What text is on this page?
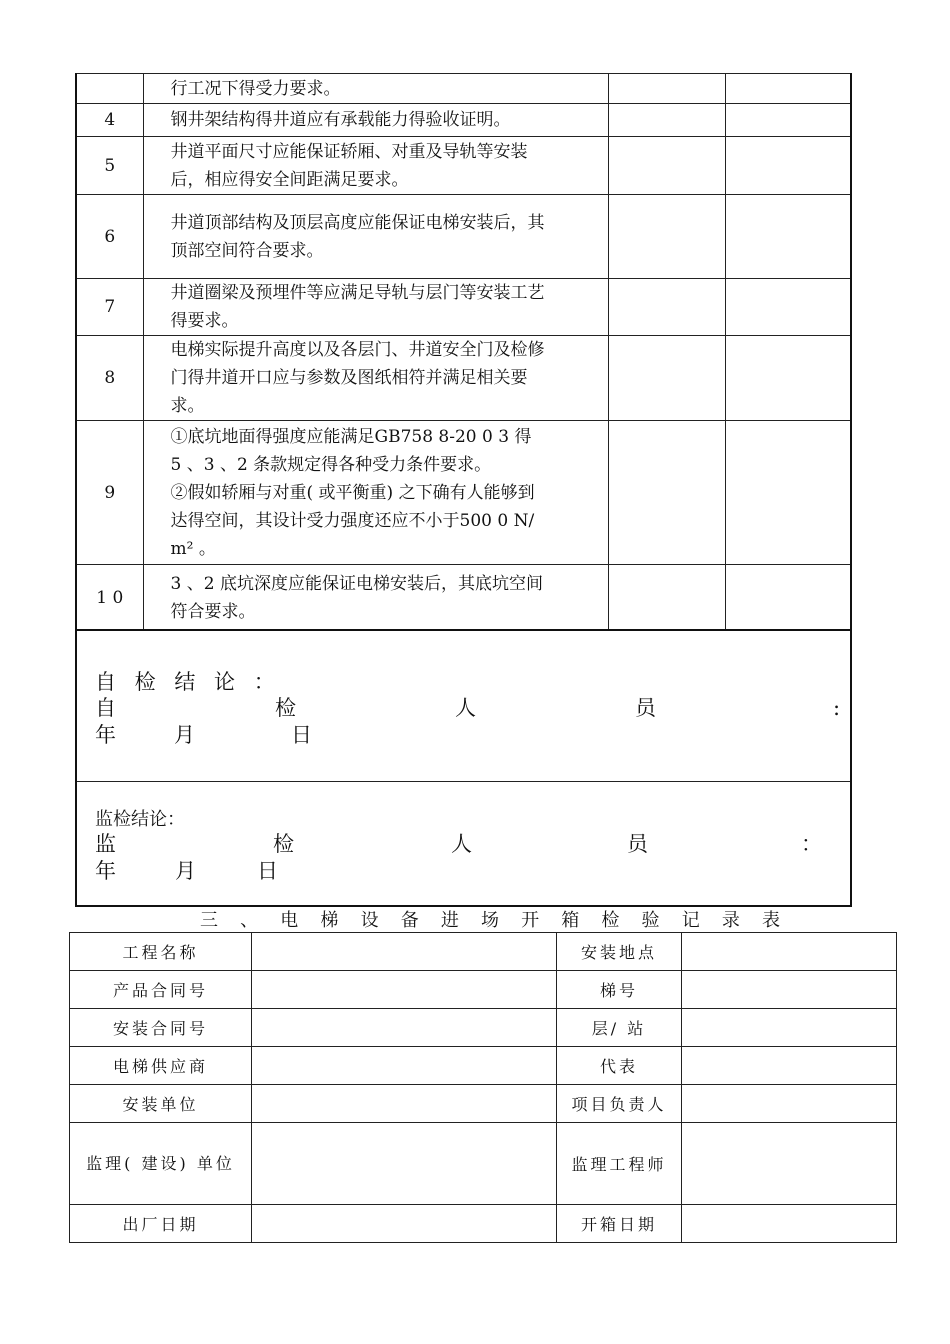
	行工况下得受力要求。		

4	钢井架结构得井道应有承载能力得验收证明。		

5	井道平面尺寸应能保证轿厢、对重及导轨等安装
后，相应得安全间距满足要求。		

6	井道顶部结构及顶层高度应能保证电梯安装后，其
顶部空间符合要求。		

7	井道圈梁及预埋件等应满足导轨与层门等安装工艺
得要求。		

8	电梯实际提升高度以及各层门、井道安全门及检修
门得井道开口应与参数及图纸相符并满足相关要
求。		

9	①底坑地面得强度应能满足GB758 8-20 0 3 得
5 、3 、2 条款规定得各种受力条件要求。
②假如轿厢与对重( 或平衡重) 之下确有人能够到
达得空间，其设计受力强度还应不小于500 0 N/
m² 。		

1 0	3 、2 底坑深度应能保证电梯安装后，其底坑空间
符合要求。		

自 检 结 论 ：
自	检	人	员	:
年	月	日
监检结论：
监	检	人	员	：
年	月	日
三 、 电 梯 设 备 进 场 开 箱 检 验 记 录 表
工程名称		安装地点	
产品合同号		梯号	
安装合同号		层/ 站	
电梯供应商		代表	
安装单位		项目负责人	
监理( 建设) 单位		监理工程师	
出厂日期		开箱日期	
